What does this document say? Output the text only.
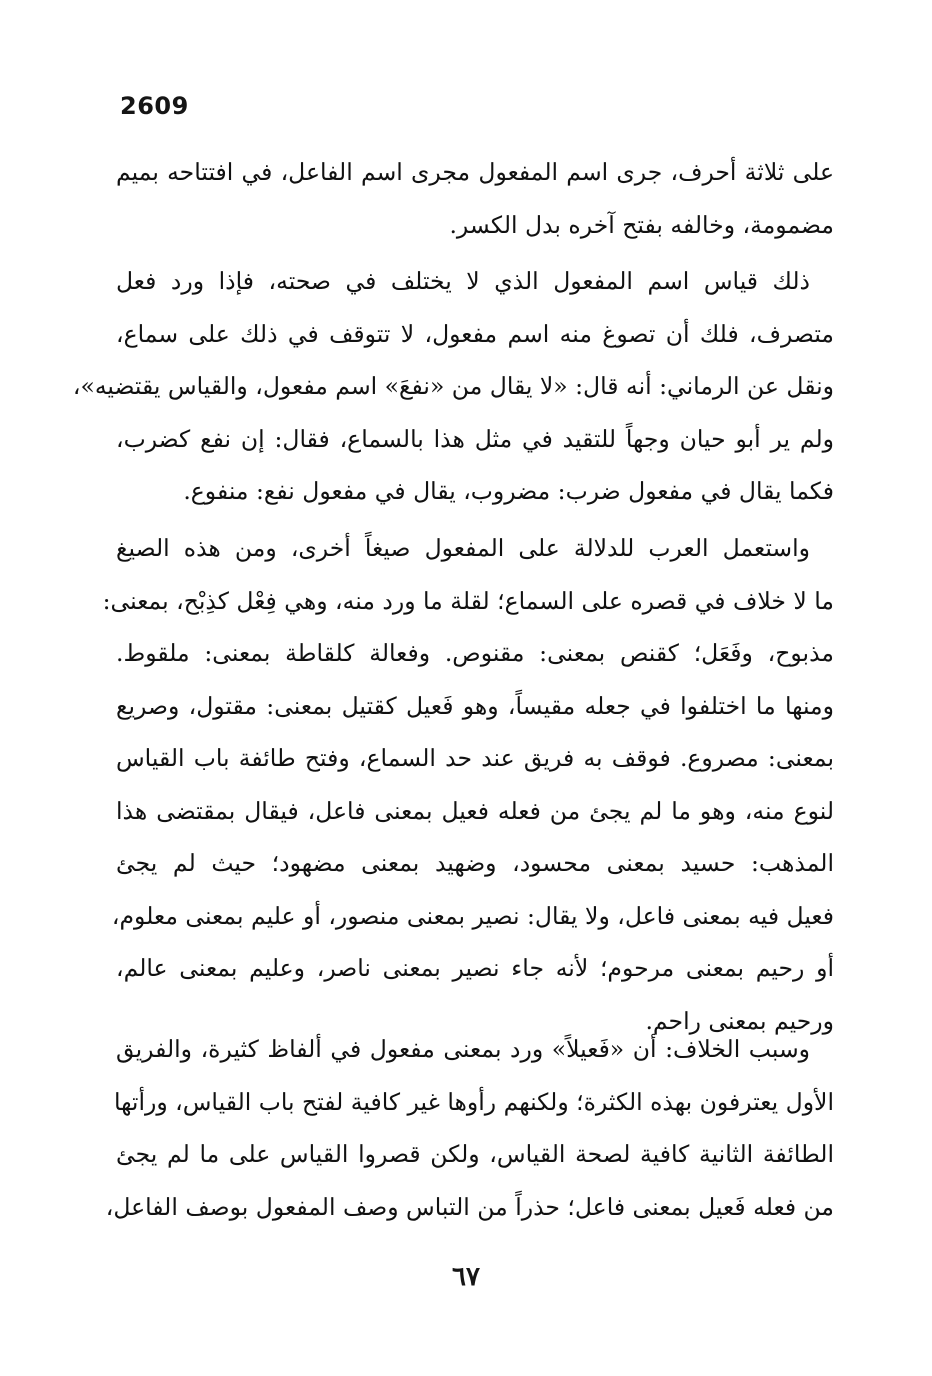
2609
على ثلاثة أحرف، جرى اسم المفعول مجرى اسم الفاعل، في افتتاحه بميم
مضمومة، وخالفه بفتح آخره بدل الكسر.
ذلك قياس اسم المفعول الذي لا يختلف في صحته، فإذا ورد فعل
متصرف، فلك أن تصوغ منه اسم مفعول، لا تتوقف في ذلك على سماع،
ونقل عن الرماني: أنه قال: «لا يقال من «نفعَ» اسم مفعول، والقياس يقتضيه»،
ولم ير أبو حيان وجهاً للتقيد في مثل هذا بالسماع، فقال: إن نفع كضرب،
فكما يقال في مفعول ضرب: مضروب، يقال في مفعول نفع: منفوع.
واستعمل العرب للدلالة على المفعول صيغاً أخرى، ومن هذه الصيغ
ما لا خلاف في قصره على السماع؛ لقلة ما ورد منه، وهي فِعْل كذِبْح، بمعنى:
مذبوح، وفَعَل؛ كقنص بمعنى: مقنوص. وفعالة كلقاطة بمعنى: ملقوط.
ومنها ما اختلفوا في جعله مقيساً، وهو فَعيل كقتيل بمعنى: مقتول، وصريع
بمعنى: مصروع. فوقف به فريق عند حد السماع، وفتح طائفة باب القياس
لنوع منه، وهو ما لم يجئ من فعله فعيل بمعنى فاعل، فيقال بمقتضى هذا
المذهب: حسيد بمعنى محسود، وضهيد بمعنى مضهود؛ حيث لم يجئ
فعيل فيه بمعنى فاعل، ولا يقال: نصير بمعنى منصور، أو عليم بمعنى معلوم،
أو رحيم بمعنى مرحوم؛ لأنه جاء نصير بمعنى ناصر، وعليم بمعنى عالم،
ورحيم بمعنى راحم.
وسبب الخلاف: أن «فَعيلاً» ورد بمعنى مفعول في ألفاظ كثيرة، والفريق
الأول يعترفون بهذه الكثرة؛ ولكنهم رأوها غير كافية لفتح باب القياس، ورأتها
الطائفة الثانية كافية لصحة القياس، ولكن قصروا القياس على ما لم يجئ
من فعله فَعيل بمعنى فاعل؛ حذراً من التباس وصف المفعول بوصف الفاعل،
٦٧
